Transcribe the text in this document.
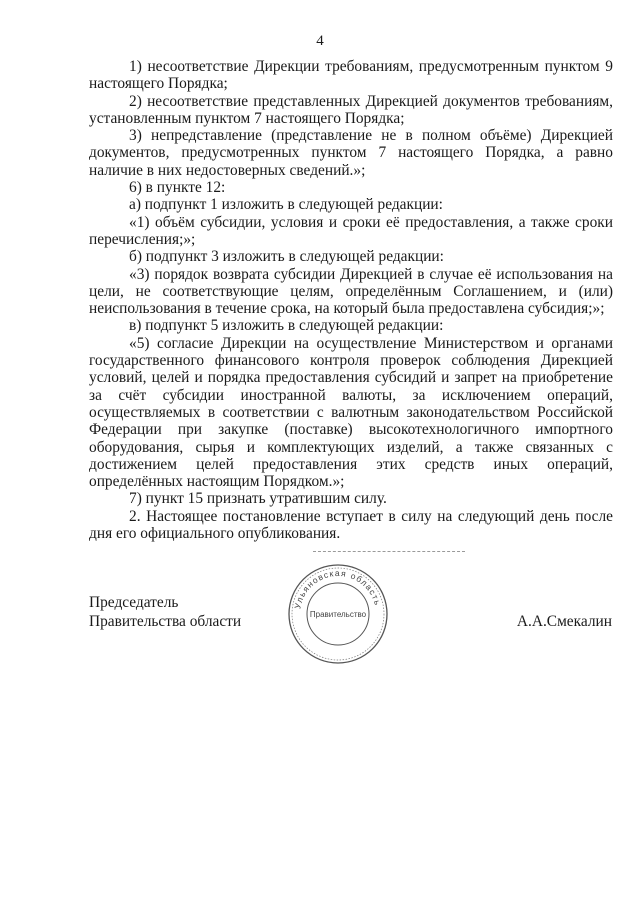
4

1) несоответствие Дирекции требованиям, предусмотренным пунктом 9 настоящего Порядка;

2) несоответствие представленных Дирекцией документов требованиям, установленным пунктом 7 настоящего Порядка;

3) непредставление (представление не в полном объёме) Дирекцией документов, предусмотренных пунктом 7 настоящего Порядка, а равно наличие в них недостоверных сведений.»;

6) в пункте 12:

а) подпункт 1 изложить в следующей редакции:

«1) объём субсидии, условия и сроки её предоставления, а также сроки перечисления;»;

б) подпункт 3 изложить в следующей редакции:

«3) порядок возврата субсидии Дирекцией в случае её использования на цели, не соответствующие целям, определённым Соглашением, и (или) неиспользования в течение срока, на который была предоставлена субсидия;»;

в) подпункт 5 изложить в следующей редакции:

«5) согласие Дирекции на осуществление Министерством и органами государственного финансового контроля проверок соблюдения Дирекцией условий, целей и порядка предоставления субсидий и запрет на приобретение за счёт субсидии иностранной валюты, за исключением операций, осуществляемых в соответствии с валютным законодательством Российской Федерации при закупке (поставке) высокотехнологичного импортного оборудования, сырья и комплектующих изделий, а также связанных с достижением целей предоставления этих средств иных операций, определённых настоящим Порядком.»;

7) пункт 15 признать утратившим силу.

2. Настоящее постановление вступает в силу на следующий день после дня его официального опубликования.

Председатель
Правительства области
Ульяновская область
Правительство	А.А.Смекалин
